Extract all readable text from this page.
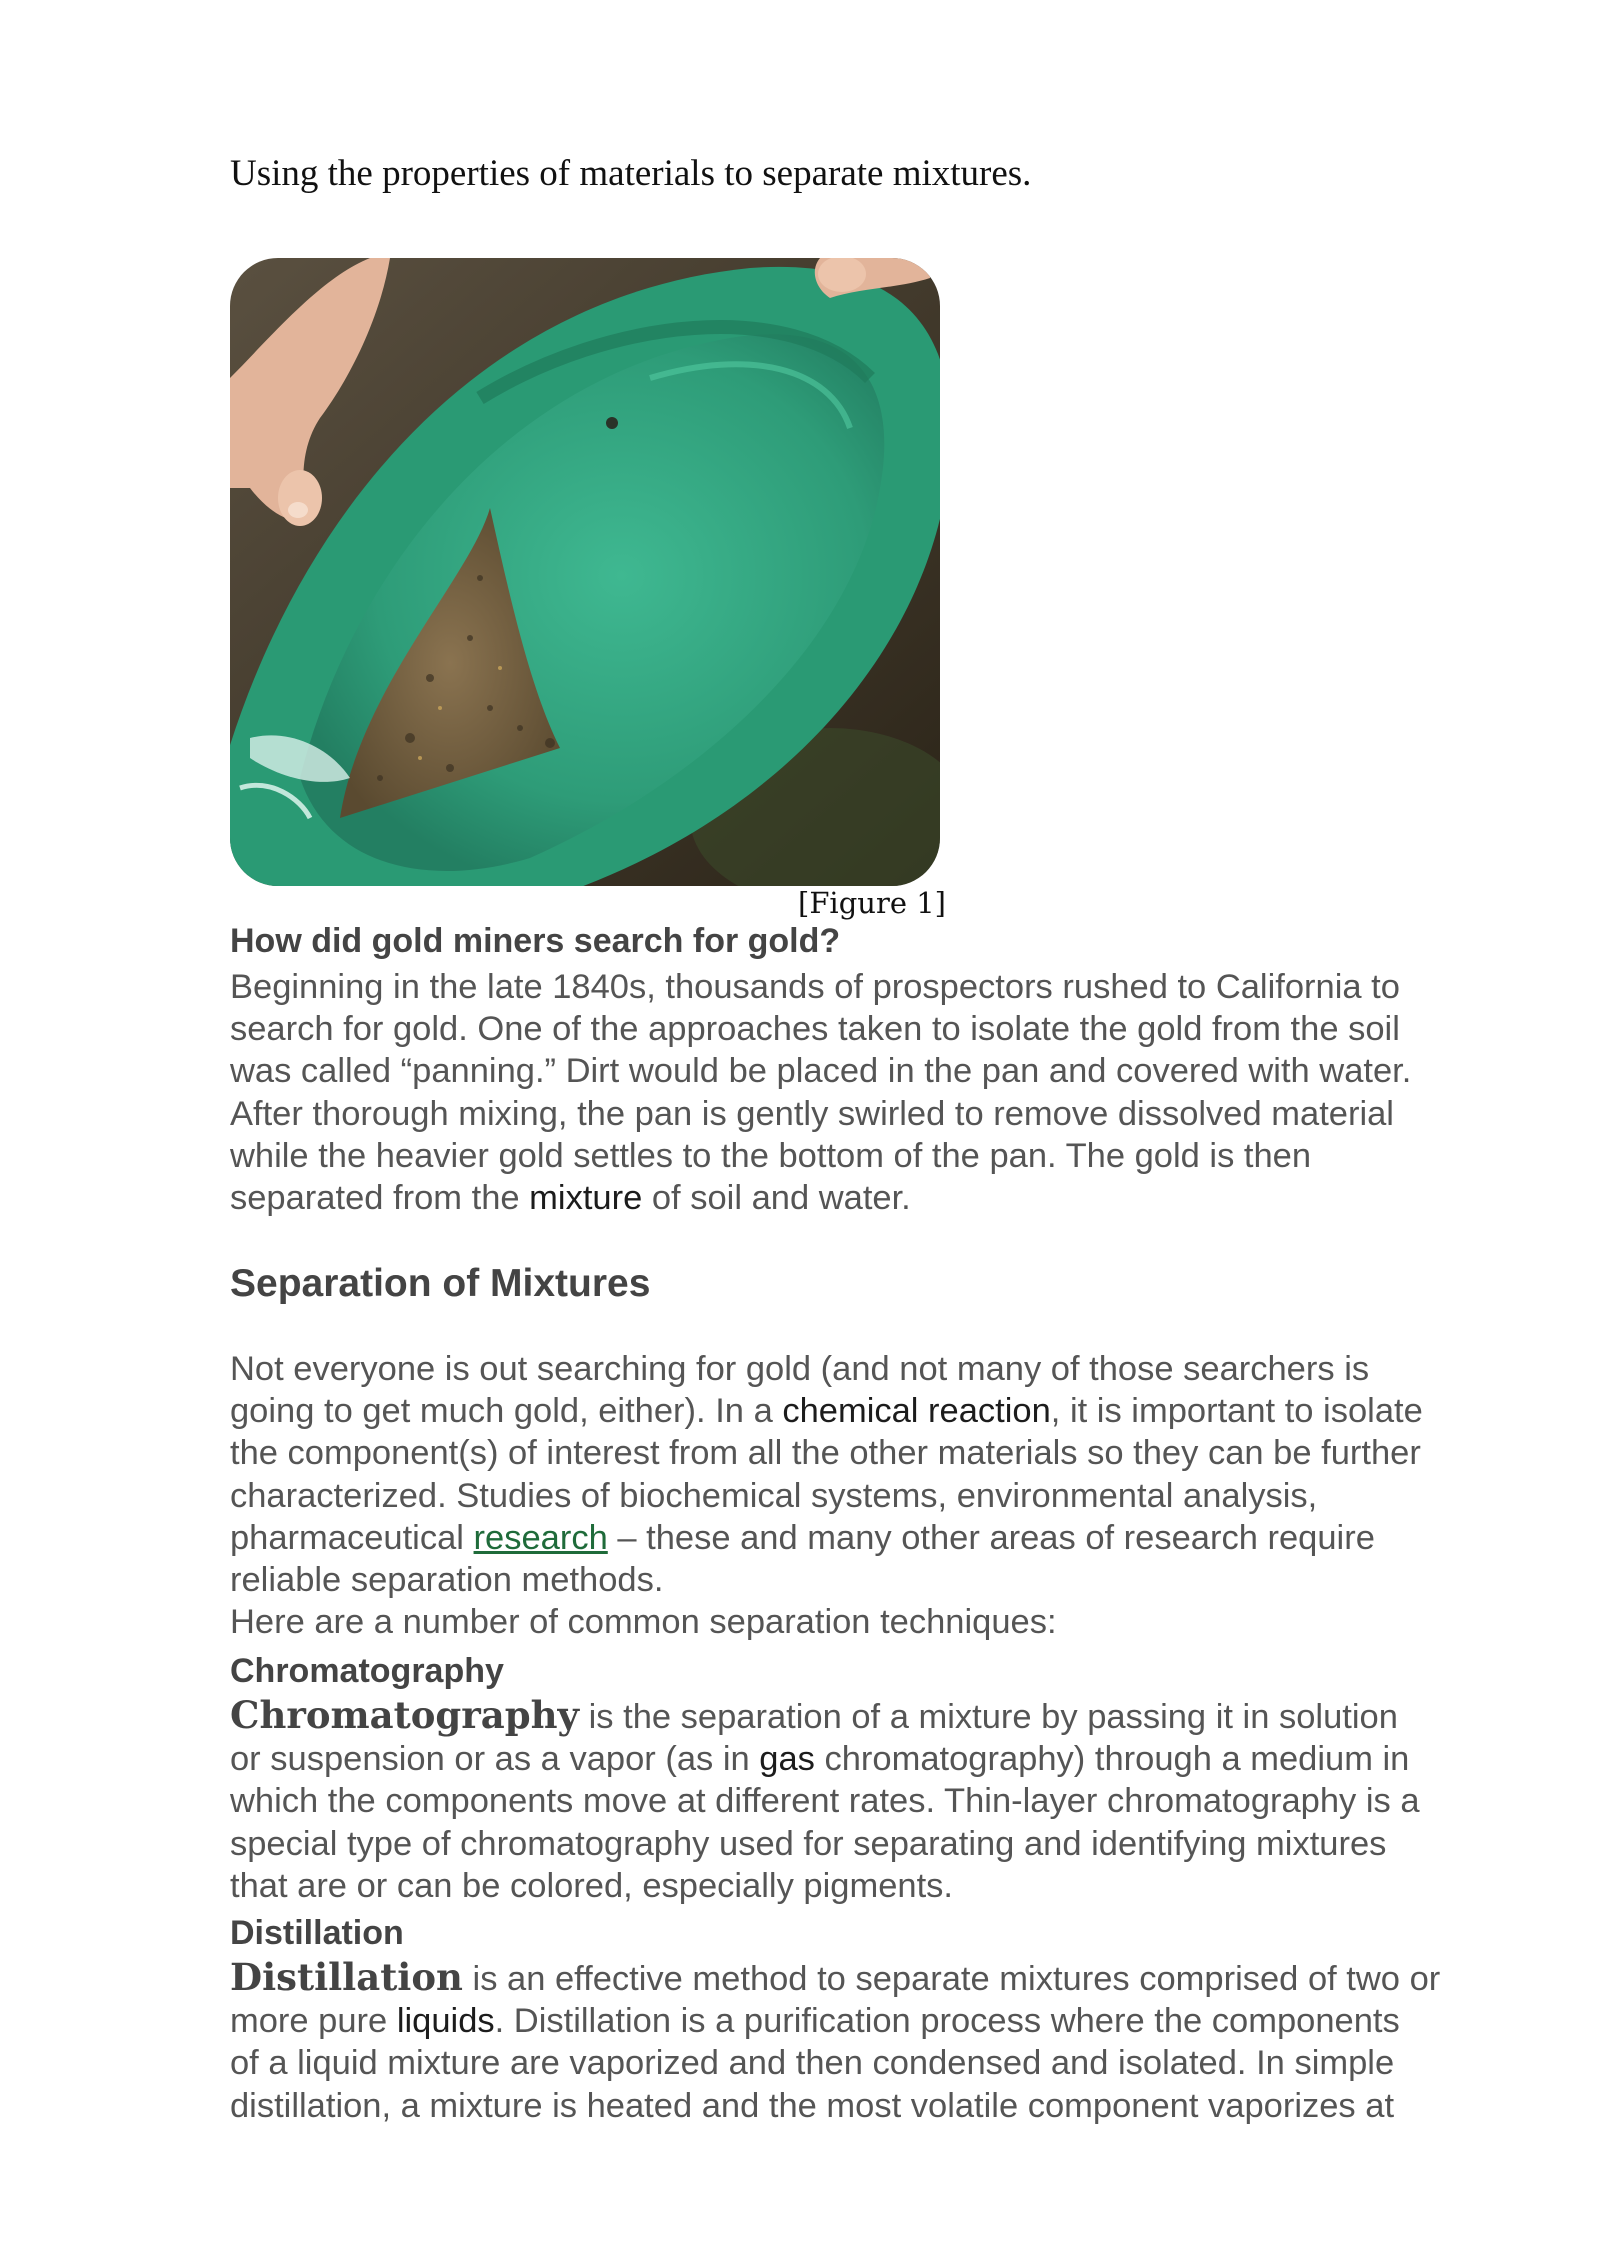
Using the properties of materials to separate mixtures.
[Figure 1]
How did gold miners search for gold?
Beginning in the late 1840s, thousands of prospectors rushed to California to
search for gold. One of the approaches taken to isolate the gold from the soil
was called “panning.” Dirt would be placed in the pan and covered with water.
After thorough mixing, the pan is gently swirled to remove dissolved material
while the heavier gold settles to the bottom of the pan. The gold is then
separated from the mixture of soil and water.
Separation of Mixtures
Not everyone is out searching for gold (and not many of those searchers is
going to get much gold, either). In a chemical reaction, it is important to isolate
the component(s) of interest from all the other materials so they can be further
characterized. Studies of biochemical systems, environmental analysis,
pharmaceutical research – these and many other areas of research require
reliable separation methods.
Here are a number of common separation techniques:
Chromatography
Chromatography is the separation of a mixture by passing it in solution
or suspension or as a vapor (as in gas chromatography) through a medium in
which the components move at different rates. Thin-layer chromatography is a
special type of chromatography used for separating and identifying mixtures
that are or can be colored, especially pigments.
Distillation
Distillation is an effective method to separate mixtures comprised of two or
more pure liquids. Distillation is a purification process where the components
of a liquid mixture are vaporized and then condensed and isolated. In simple
distillation, a mixture is heated and the most volatile component vaporizes at
